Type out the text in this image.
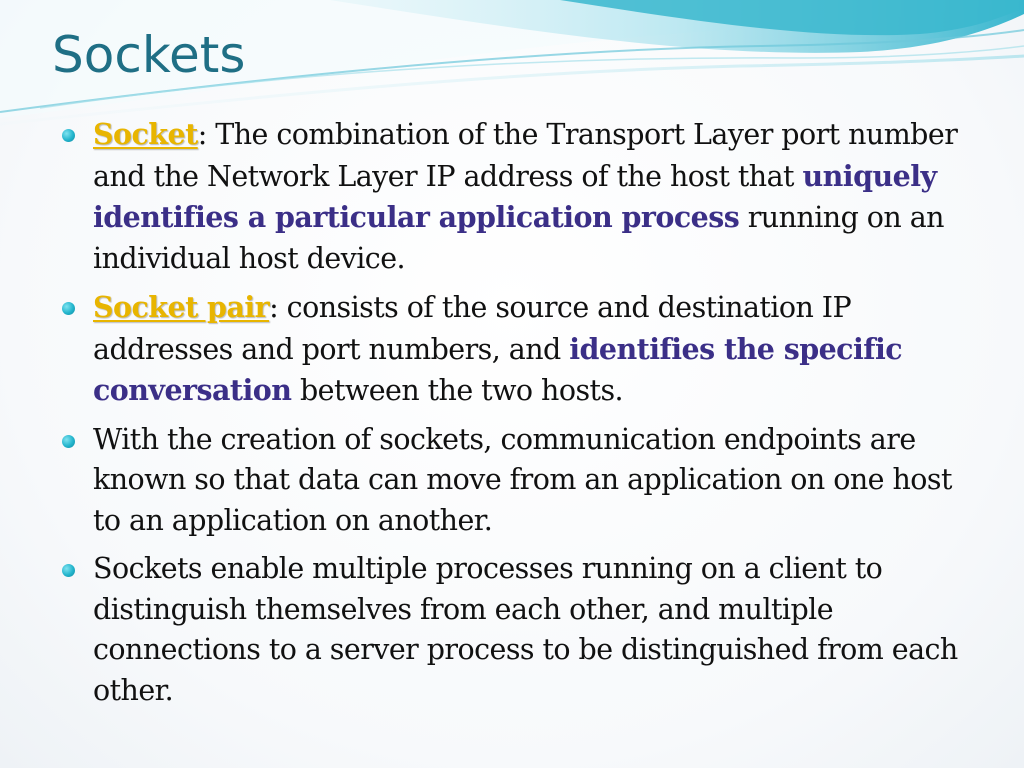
Sockets
Socket: The combination of the Transport Layer port number and the Network Layer IP address of the host that uniquely identifies a particular application process running on an individual host device.
Socket pair: consists of the source and destination IP addresses and port numbers, and identifies the specific conversation between the two hosts.
With the creation of sockets, communication endpoints are known so that data can move from an application on one host to an application on another.
Sockets enable multiple processes running on a client to distinguish themselves from each other, and multiple connections to a server process to be distinguished from each other.
